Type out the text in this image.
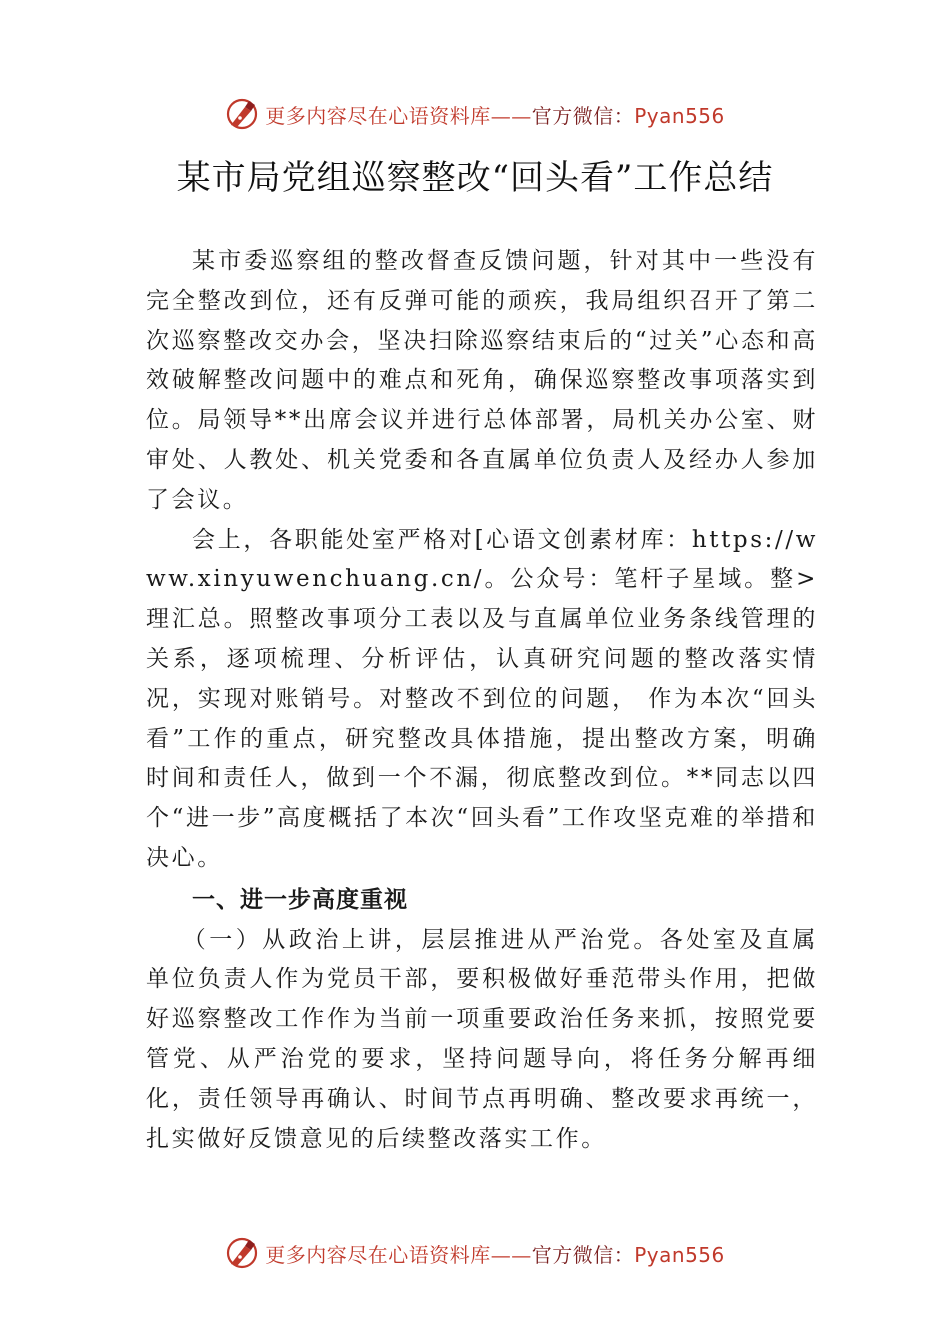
更多内容尽在心语资料库——官方微信：Pyan556
某市局党组巡察整改“回头看”工作总结

某市委巡察组的整改督查反馈问题，针对其中一些没有完全整改到位，还有反弹可能的顽疾，我局组织召开了第二次巡察整改交办会，坚决扫除巡察结束后的“过关”心态和高效破解整改问题中的难点和死角，确保巡察整改事项落实到位。局领导**出席会议并进行总体部署，局机关办公室、财审处、人教处、机关党委和各直属单位负责人及经办人参加了会议。

会上，各职能处室严格对[心语文创素材库：https://www.xinyuwenchuang.cn/。公众号：笔杆子星域。整>理汇总。照整改事项分工表以及与直属单位业务条线管理的关系，逐项梳理、分析评估，认真研究问题的整改落实情况，实现对账销号。对整改不到位的问题， 作为本次“回头看”工作的重点，研究整改具体措施，提出整改方案，明确时间和责任人，做到一个不漏，彻底整改到位。**同志以四个“进一步”高度概括了本次“回头看”工作攻坚克难的举措和决心。

一、进一步高度重视

（一）从政治上讲，层层推进从严治党。各处室及直属单位负责人作为党员干部，要积极做好垂范带头作用，把做好巡察整改工作作为当前一项重要政治任务来抓，按照党要管党、从严治党的要求，坚持问题导向，将任务分解再细化，责任领导再确认、时间节点再明确、整改要求再统一，扎实做好反馈意见的后续整改落实工作。

更多内容尽在心语资料库——官方微信：Pyan556
